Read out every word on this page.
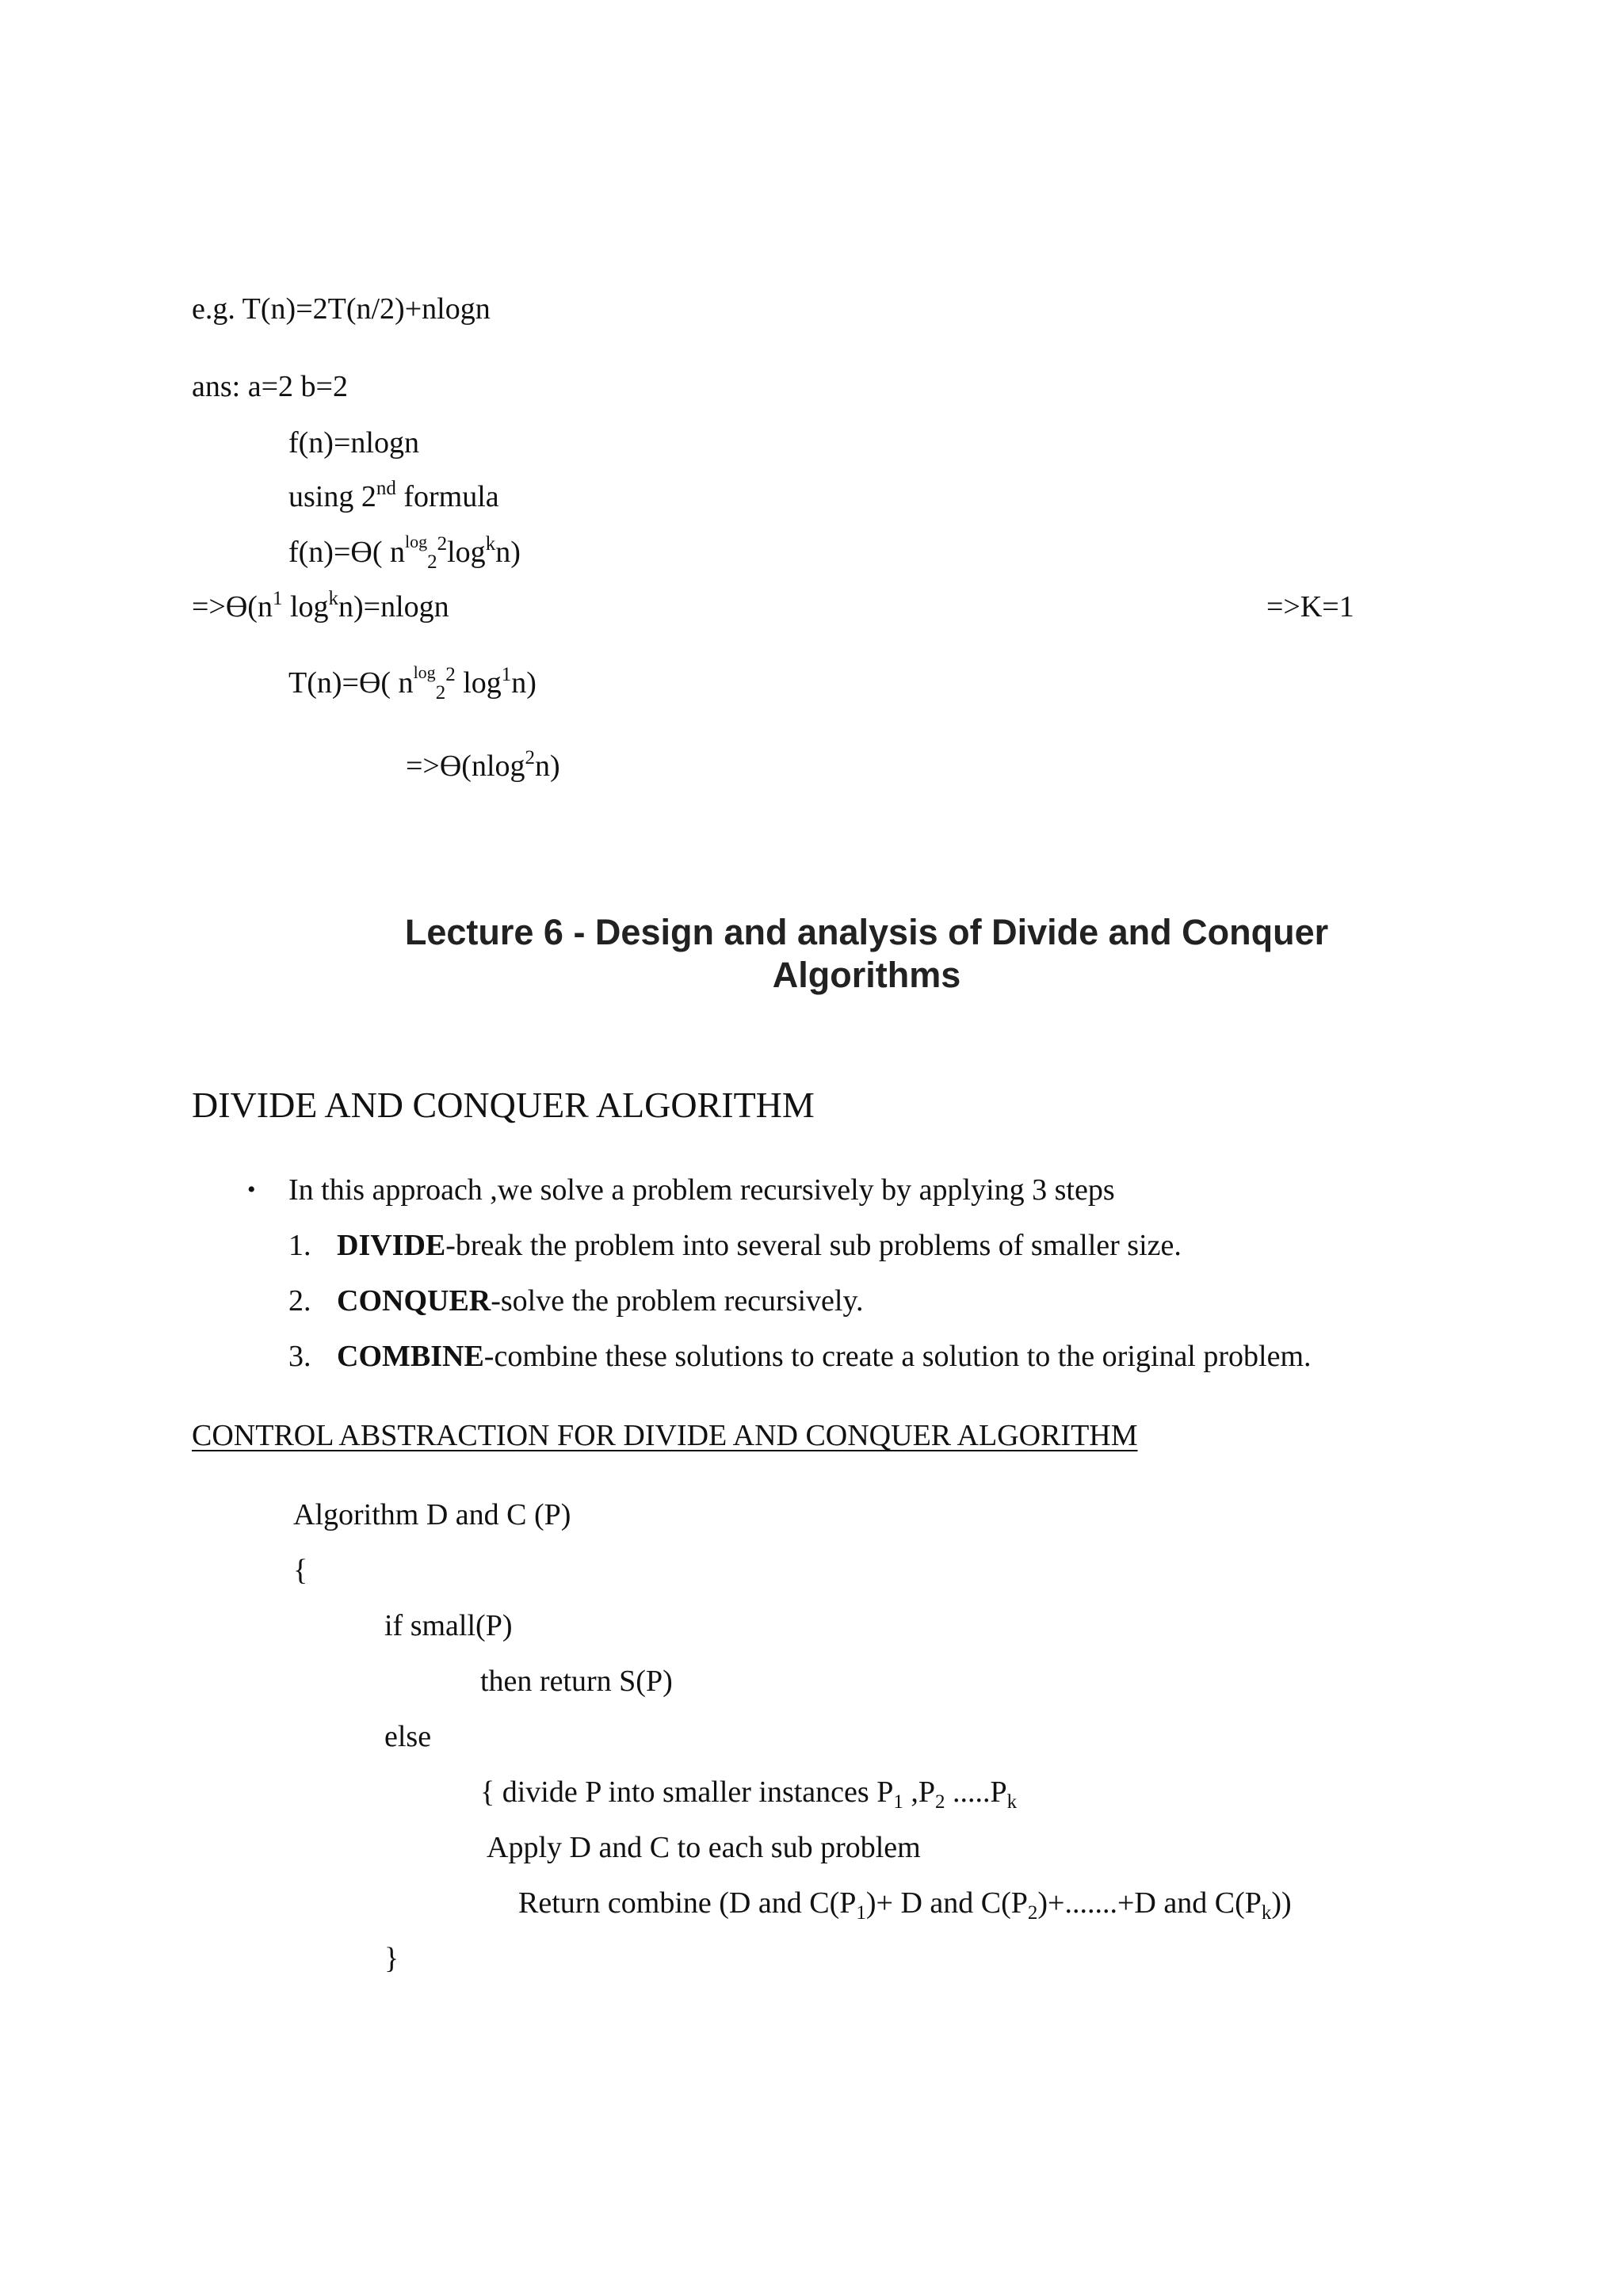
e.g. T(n)=2T(n/2)+nlogn
ans: a=2 b=2
f(n)=nlogn
using 2nd formula
f(n)=Ө( $n^{log}_2^2\log^kn$)
$=>Ө(n^1$ $\log^kn)=nlogn$	=>K=1
T(n)=Ө( $n^{log}_2^2$ $\log^1n$)
=>Ө(nlog$^2$n)
Lecture 6 - Design and analysis of Divide and Conquer
Algorithms
DIVIDE AND CONQUER ALGORITHM
• In this approach ,we solve a problem recursively by applying 3 steps
1. DIVIDE-break the problem into several sub problems of smaller size.
2. CONQUER-solve the problem recursively.
3. COMBINE-combine these solutions to create a solution to the original problem.
CONTROL ABSTRACTION FOR DIVIDE AND CONQUER ALGORITHM
Algorithm D and C (P)
{
if small(P)
then return S(P)
else
{ divide P into smaller instances $P_1$ $,P_2$ $.....P_k$
Apply D and C to each sub problem
Return combine (D and $C(P_1)+ D$ and $C(P_2)+.......+D$ and $C(P_k)$)
}
